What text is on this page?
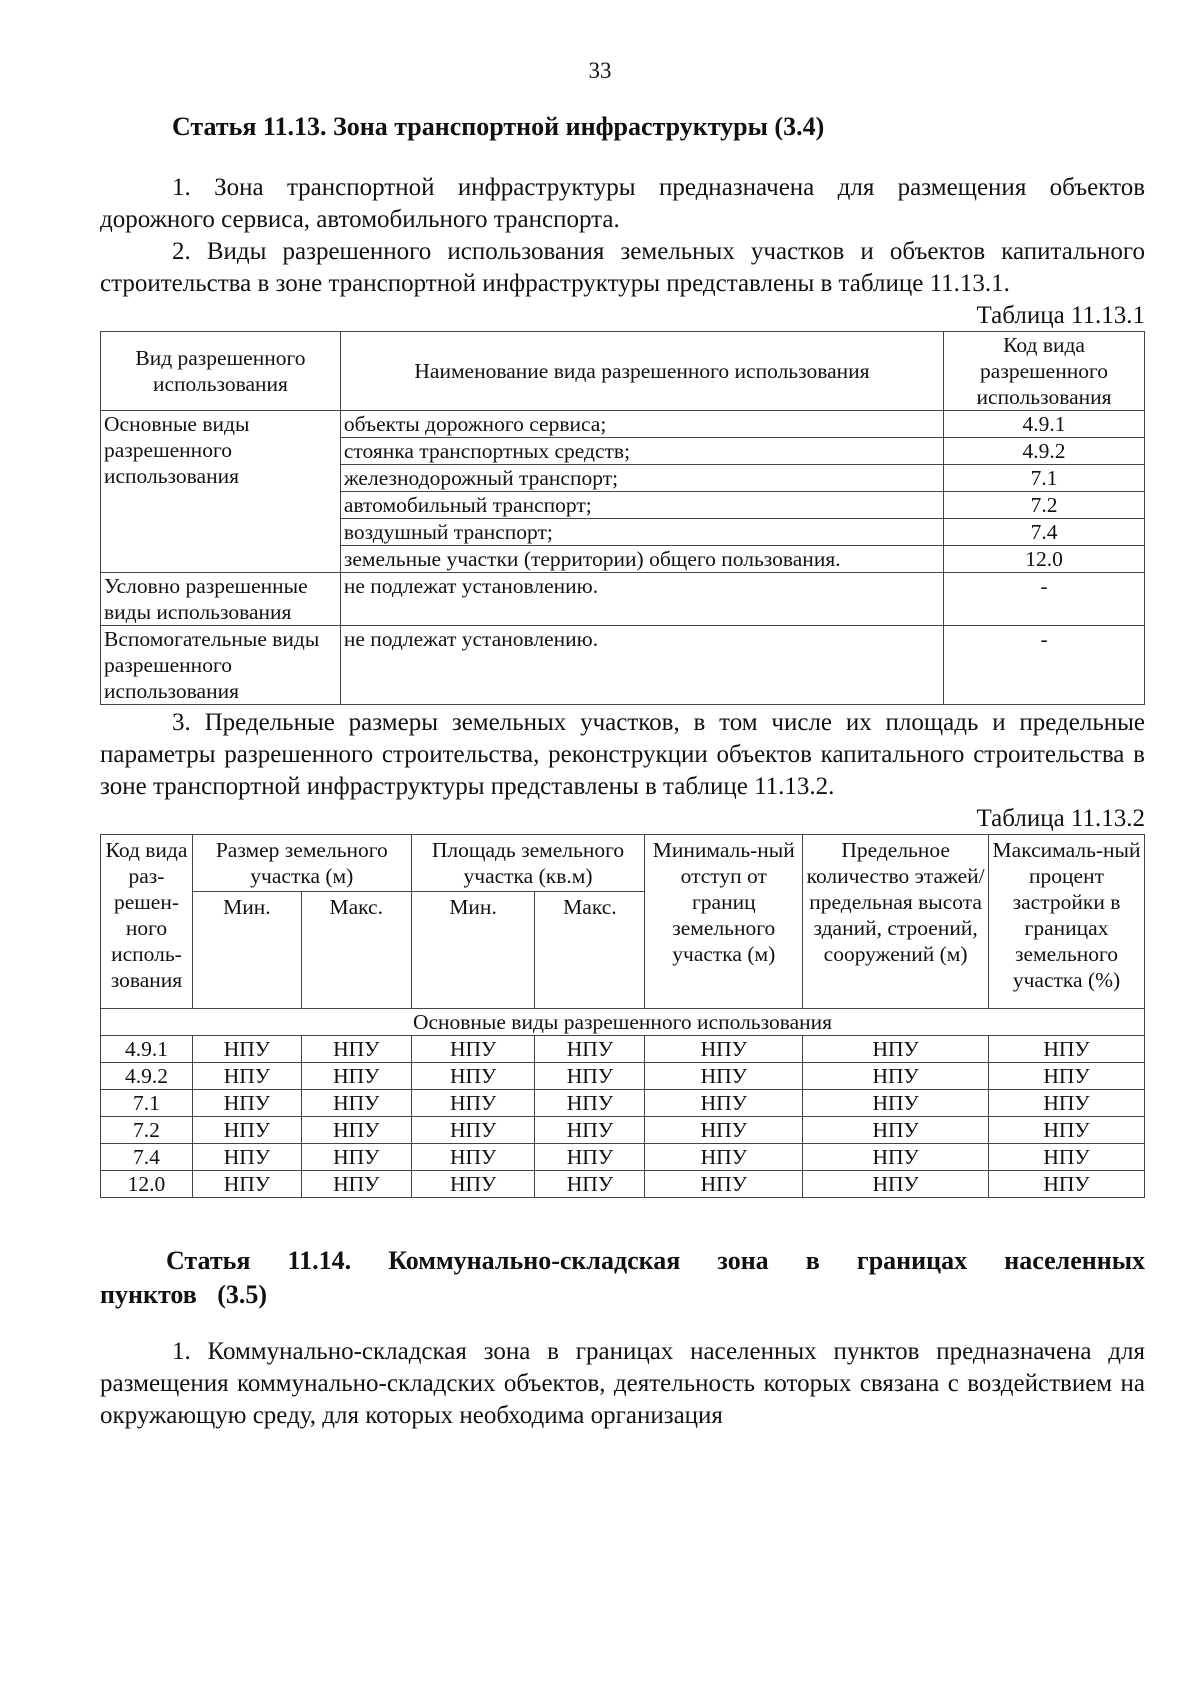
33

Статья 11.13. Зона транспортной инфраструктуры (3.4)

1. Зона транспортной инфраструктуры предназначена для размещения объектов дорожного сервиса, автомобильного транспорта.

2. Виды разрешенного использования земельных участков и объектов капитального строительства в зоне транспортной инфраструктуры представлены в таблице 11.13.1.

Таблица 11.13.1
Вид разрешенного использования	Наименование вида разрешенного использования	Код вида разрешенного использования
Основные виды разрешенного использования	объекты дорожного сервиса;	4.9.1
	стоянка транспортных средств;	4.9.2
	железнодорожный транспорт;	7.1
	автомобильный транспорт;	7.2
	воздушный транспорт;	7.4
	земельные участки (территории) общего пользования.	12.0
Условно разрешенные виды использования	не подлежат установлению.	-
Вспомогательные виды разрешенного использования	не подлежат установлению.	-

3. Предельные размеры земельных участков, в том числе их площадь и предельные параметры разрешенного строительства, реконструкции объектов капитального строительства в зоне транспортной инфраструктуры представлены в таблице 11.13.2.

Таблица 11.13.2
Код вида раз-решен-ного исполь-зования	Размер земельного участка (м)		Площадь земельного участка (кв.м)		Минималь-ный отступ от границ земельного участка (м)	Предельное количество этажей/ предельная высота зданий, строений, сооружений (м)	Максималь-ный процент застройки в границах земельного участка (%)
	Мин.	Макс.	Мин.	Макс.			
Основные виды разрешенного использования							
4.9.1	НПУ	НПУ	НПУ	НПУ	НПУ	НПУ	НПУ
4.9.2	НПУ	НПУ	НПУ	НПУ	НПУ	НПУ	НПУ
7.1	НПУ	НПУ	НПУ	НПУ	НПУ	НПУ	НПУ
7.2	НПУ	НПУ	НПУ	НПУ	НПУ	НПУ	НПУ
7.4	НПУ	НПУ	НПУ	НПУ	НПУ	НПУ	НПУ
12.0	НПУ	НПУ	НПУ	НПУ	НПУ	НПУ	НПУ

Статья 11.14. Коммунально-складская зона в границах населенных пунктов (3.5)

1. Коммунально-складская зона в границах населенных пунктов предназначена для размещения коммунально-складских объектов, деятельность которых связана с воздействием на окружающую среду, для которых необходима организация
